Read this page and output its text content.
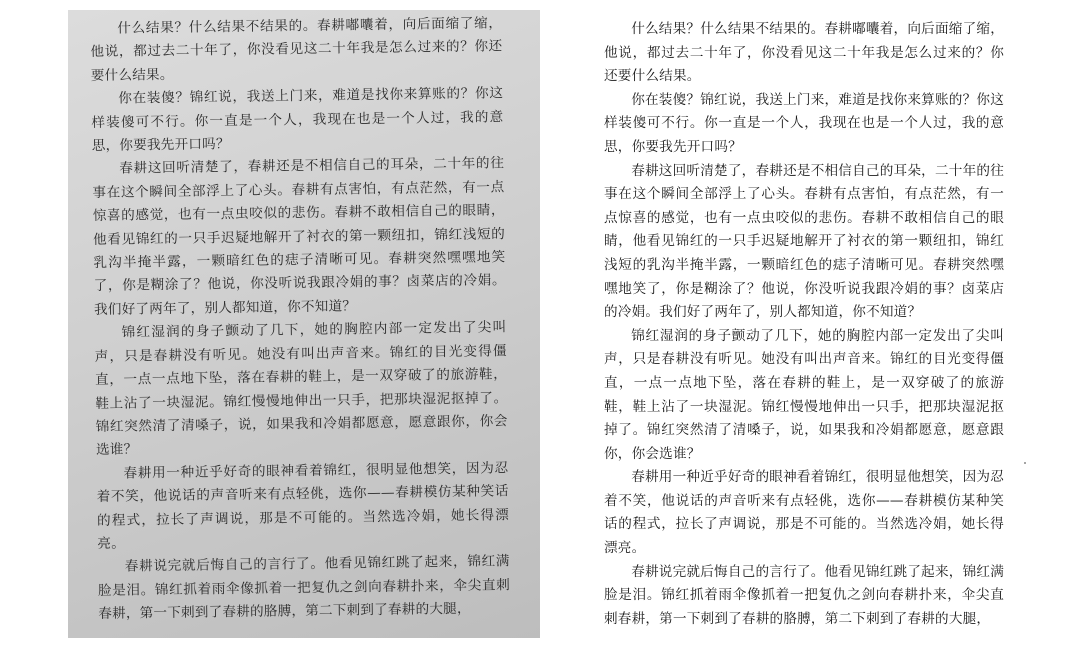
什么结果？什么结果不结果的。春耕嘟囔着，向后面缩了缩，他说，都过去二十年了，你没看见这二十年我是怎么过来的？你还要什么结果。

你在装傻？锦红说，我送上门来，难道是找你来算账的？你这样装傻可不行。你一直是一个人，我现在也是一个人过，我的意思，你要我先开口吗？

春耕这回听清楚了，春耕还是不相信自己的耳朵，二十年的往事在这个瞬间全部浮上了心头。春耕有点害怕，有点茫然，有一点惊喜的感觉，也有一点虫咬似的悲伤。春耕不敢相信自己的眼睛，他看见锦红的一只手迟疑地解开了衬衣的第一颗纽扣，锦红浅短的乳沟半掩半露，一颗暗红色的痣子清晰可见。春耕突然嘿嘿地笑了，你是糊涂了？他说，你没听说我跟冷娟的事？卤菜店的冷娟。我们好了两年了，别人都知道，你不知道？

锦红湿润的身子颤动了几下，她的胸腔内部一定发出了尖叫声，只是春耕没有听见。她没有叫出声音来。锦红的目光变得僵直，一点一点地下坠，落在春耕的鞋上，是一双穿破了的旅游鞋，鞋上沾了一块湿泥。锦红慢慢地伸出一只手，把那块湿泥抠掉了。锦红突然清了清嗓子，说，如果我和冷娟都愿意，愿意跟你，你会选谁？

春耕用一种近乎好奇的眼神看着锦红，很明显他想笑，因为忍着不笑，他说话的声音听来有点轻佻，选你——春耕模仿某种笑话的程式，拉长了声调说，那是不可能的。当然选冷娟，她长得漂亮。

春耕说完就后悔自己的言行了。他看见锦红跳了起来，锦红满脸是泪。锦红抓着雨伞像抓着一把复仇之剑向春耕扑来，伞尖直刺春耕，第一下刺到了春耕的胳膊，第二下刺到了春耕的大腿，

什么结果？什么结果不结果的。春耕嘟囔着，向后面缩了缩，他说，都过去二十年了，你没看见这二十年我是怎么过来的？你还要什么结果。

你在装傻？锦红说，我送上门来，难道是找你来算账的？你这样装傻可不行。你一直是一个人，我现在也是一个人过，我的意思，你要我先开口吗？

春耕这回听清楚了，春耕还是不相信自己的耳朵，二十年的往事在这个瞬间全部浮上了心头。春耕有点害怕，有点茫然，有一点惊喜的感觉，也有一点虫咬似的悲伤。春耕不敢相信自己的眼睛，他看见锦红的一只手迟疑地解开了衬衣的第一颗纽扣，锦红浅短的乳沟半掩半露，一颗暗红色的痣子清晰可见。春耕突然嘿嘿地笑了，你是糊涂了？他说，你没听说我跟冷娟的事？卤菜店的冷娟。我们好了两年了，别人都知道，你不知道？

锦红湿润的身子颤动了几下，她的胸腔内部一定发出了尖叫声，只是春耕没有听见。她没有叫出声音来。锦红的目光变得僵直，一点一点地下坠，落在春耕的鞋上，是一双穿破了的旅游鞋，鞋上沾了一块湿泥。锦红慢慢地伸出一只手，把那块湿泥抠掉了。锦红突然清了清嗓子，说，如果我和冷娟都愿意，愿意跟你，你会选谁？

春耕用一种近乎好奇的眼神看着锦红，很明显他想笑，因为忍着不笑，他说话的声音听来有点轻佻，选你——春耕模仿某种笑话的程式，拉长了声调说，那是不可能的。当然选冷娟，她长得漂亮。

春耕说完就后悔自己的言行了。他看见锦红跳了起来，锦红满脸是泪。锦红抓着雨伞像抓着一把复仇之剑向春耕扑来，伞尖直刺春耕，第一下刺到了春耕的胳膊，第二下刺到了春耕的大腿，
